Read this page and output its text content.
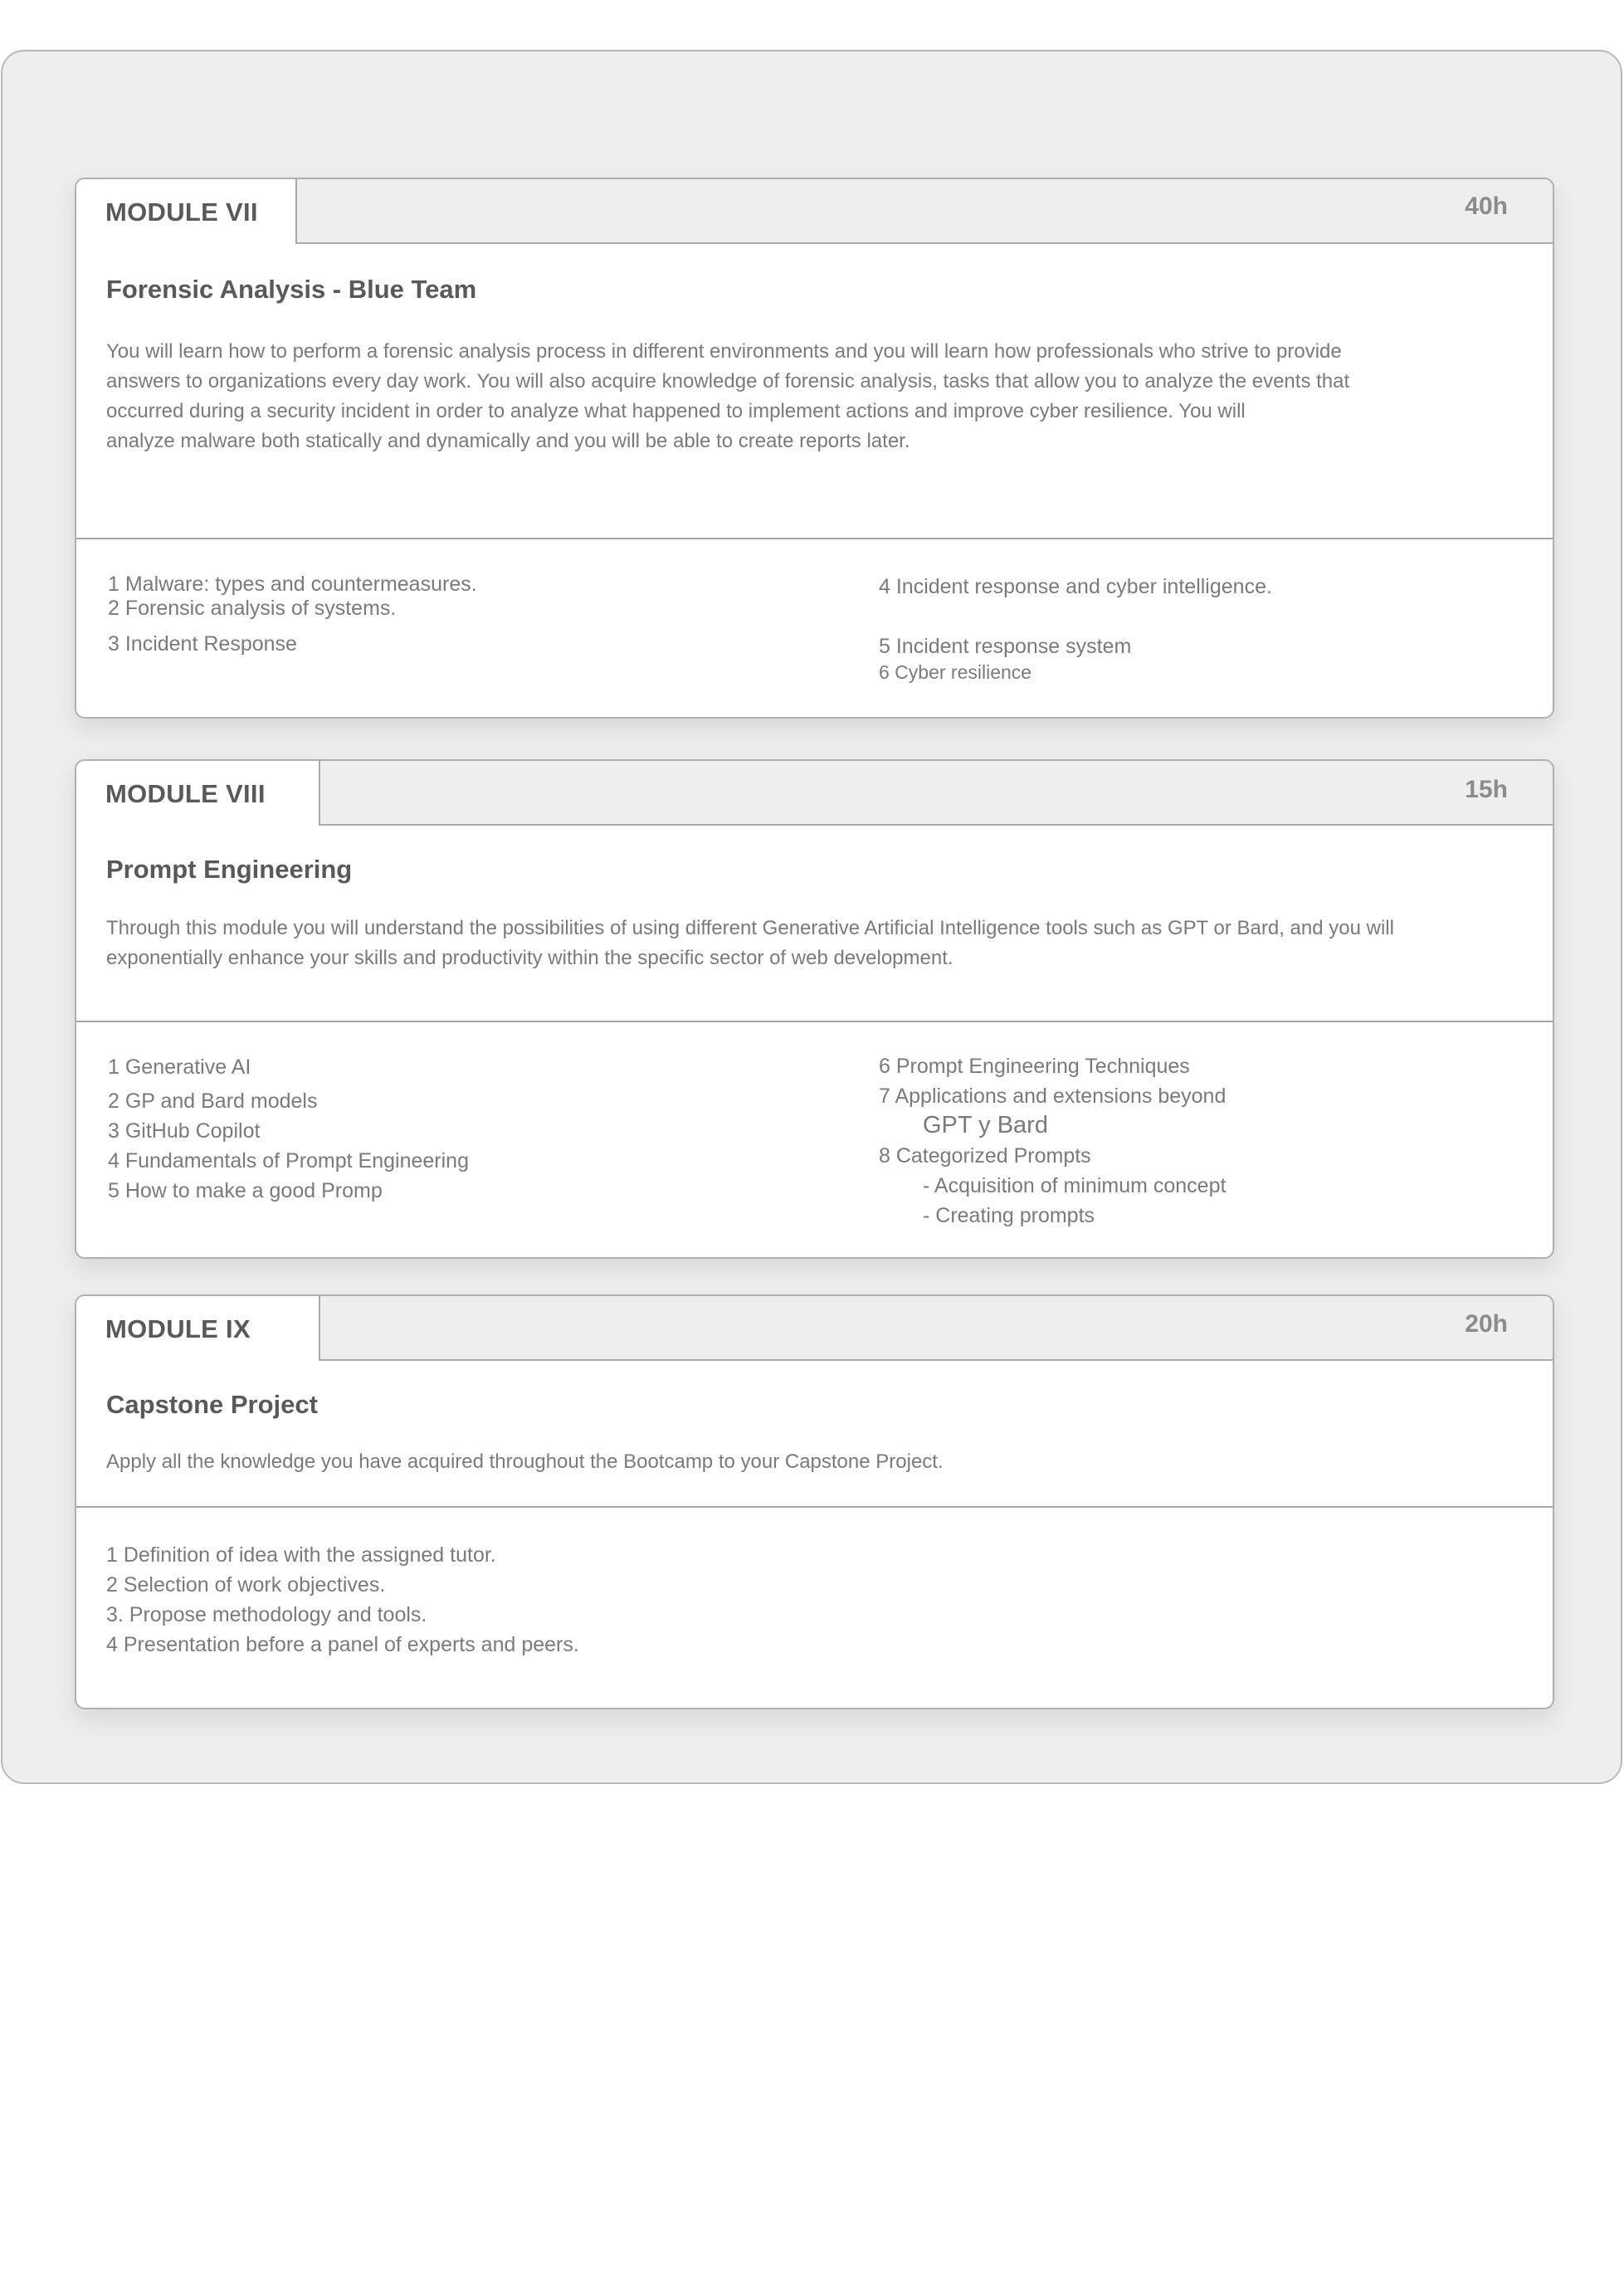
MODULE VII	40h
Forensic Analysis - Blue Team
You will learn how to perform a forensic analysis process in different environments and you will learn how professionals who strive to provide
answers to organizations every day work. You will also acquire knowledge of forensic analysis, tasks that allow you to analyze the events that
occurred during a security incident in order to analyze what happened to implement actions and improve cyber resilience. You will
analyze malware both statically and dynamically and you will be able to create reports later.
1 Malware: types and countermeasures.
2 Forensic analysis of systems.
3 Incident Response
4 Incident response and cyber intelligence.
5 Incident response system
6 Cyber resilience
MODULE VIII	15h
Prompt Engineering
Through this module you will understand the possibilities of using different Generative Artificial Intelligence tools such as GPT or Bard, and you will
exponentially enhance your skills and productivity within the specific sector of web development.
1 Generative AI
2 GP and Bard models
3 GitHub Copilot
4 Fundamentals of Prompt Engineering
5 How to make a good Promp
6 Prompt Engineering Techniques
7 Applications and extensions beyond
GPT y Bard
8 Categorized Prompts
- Acquisition of minimum concept
- Creating prompts
MODULE IX	20h
Capstone Project
Apply all the knowledge you have acquired throughout the Bootcamp to your Capstone Project.
1 Definition of idea with the assigned tutor.
2 Selection of work objectives.
3. Propose methodology and tools.
4 Presentation before a panel of experts and peers.
